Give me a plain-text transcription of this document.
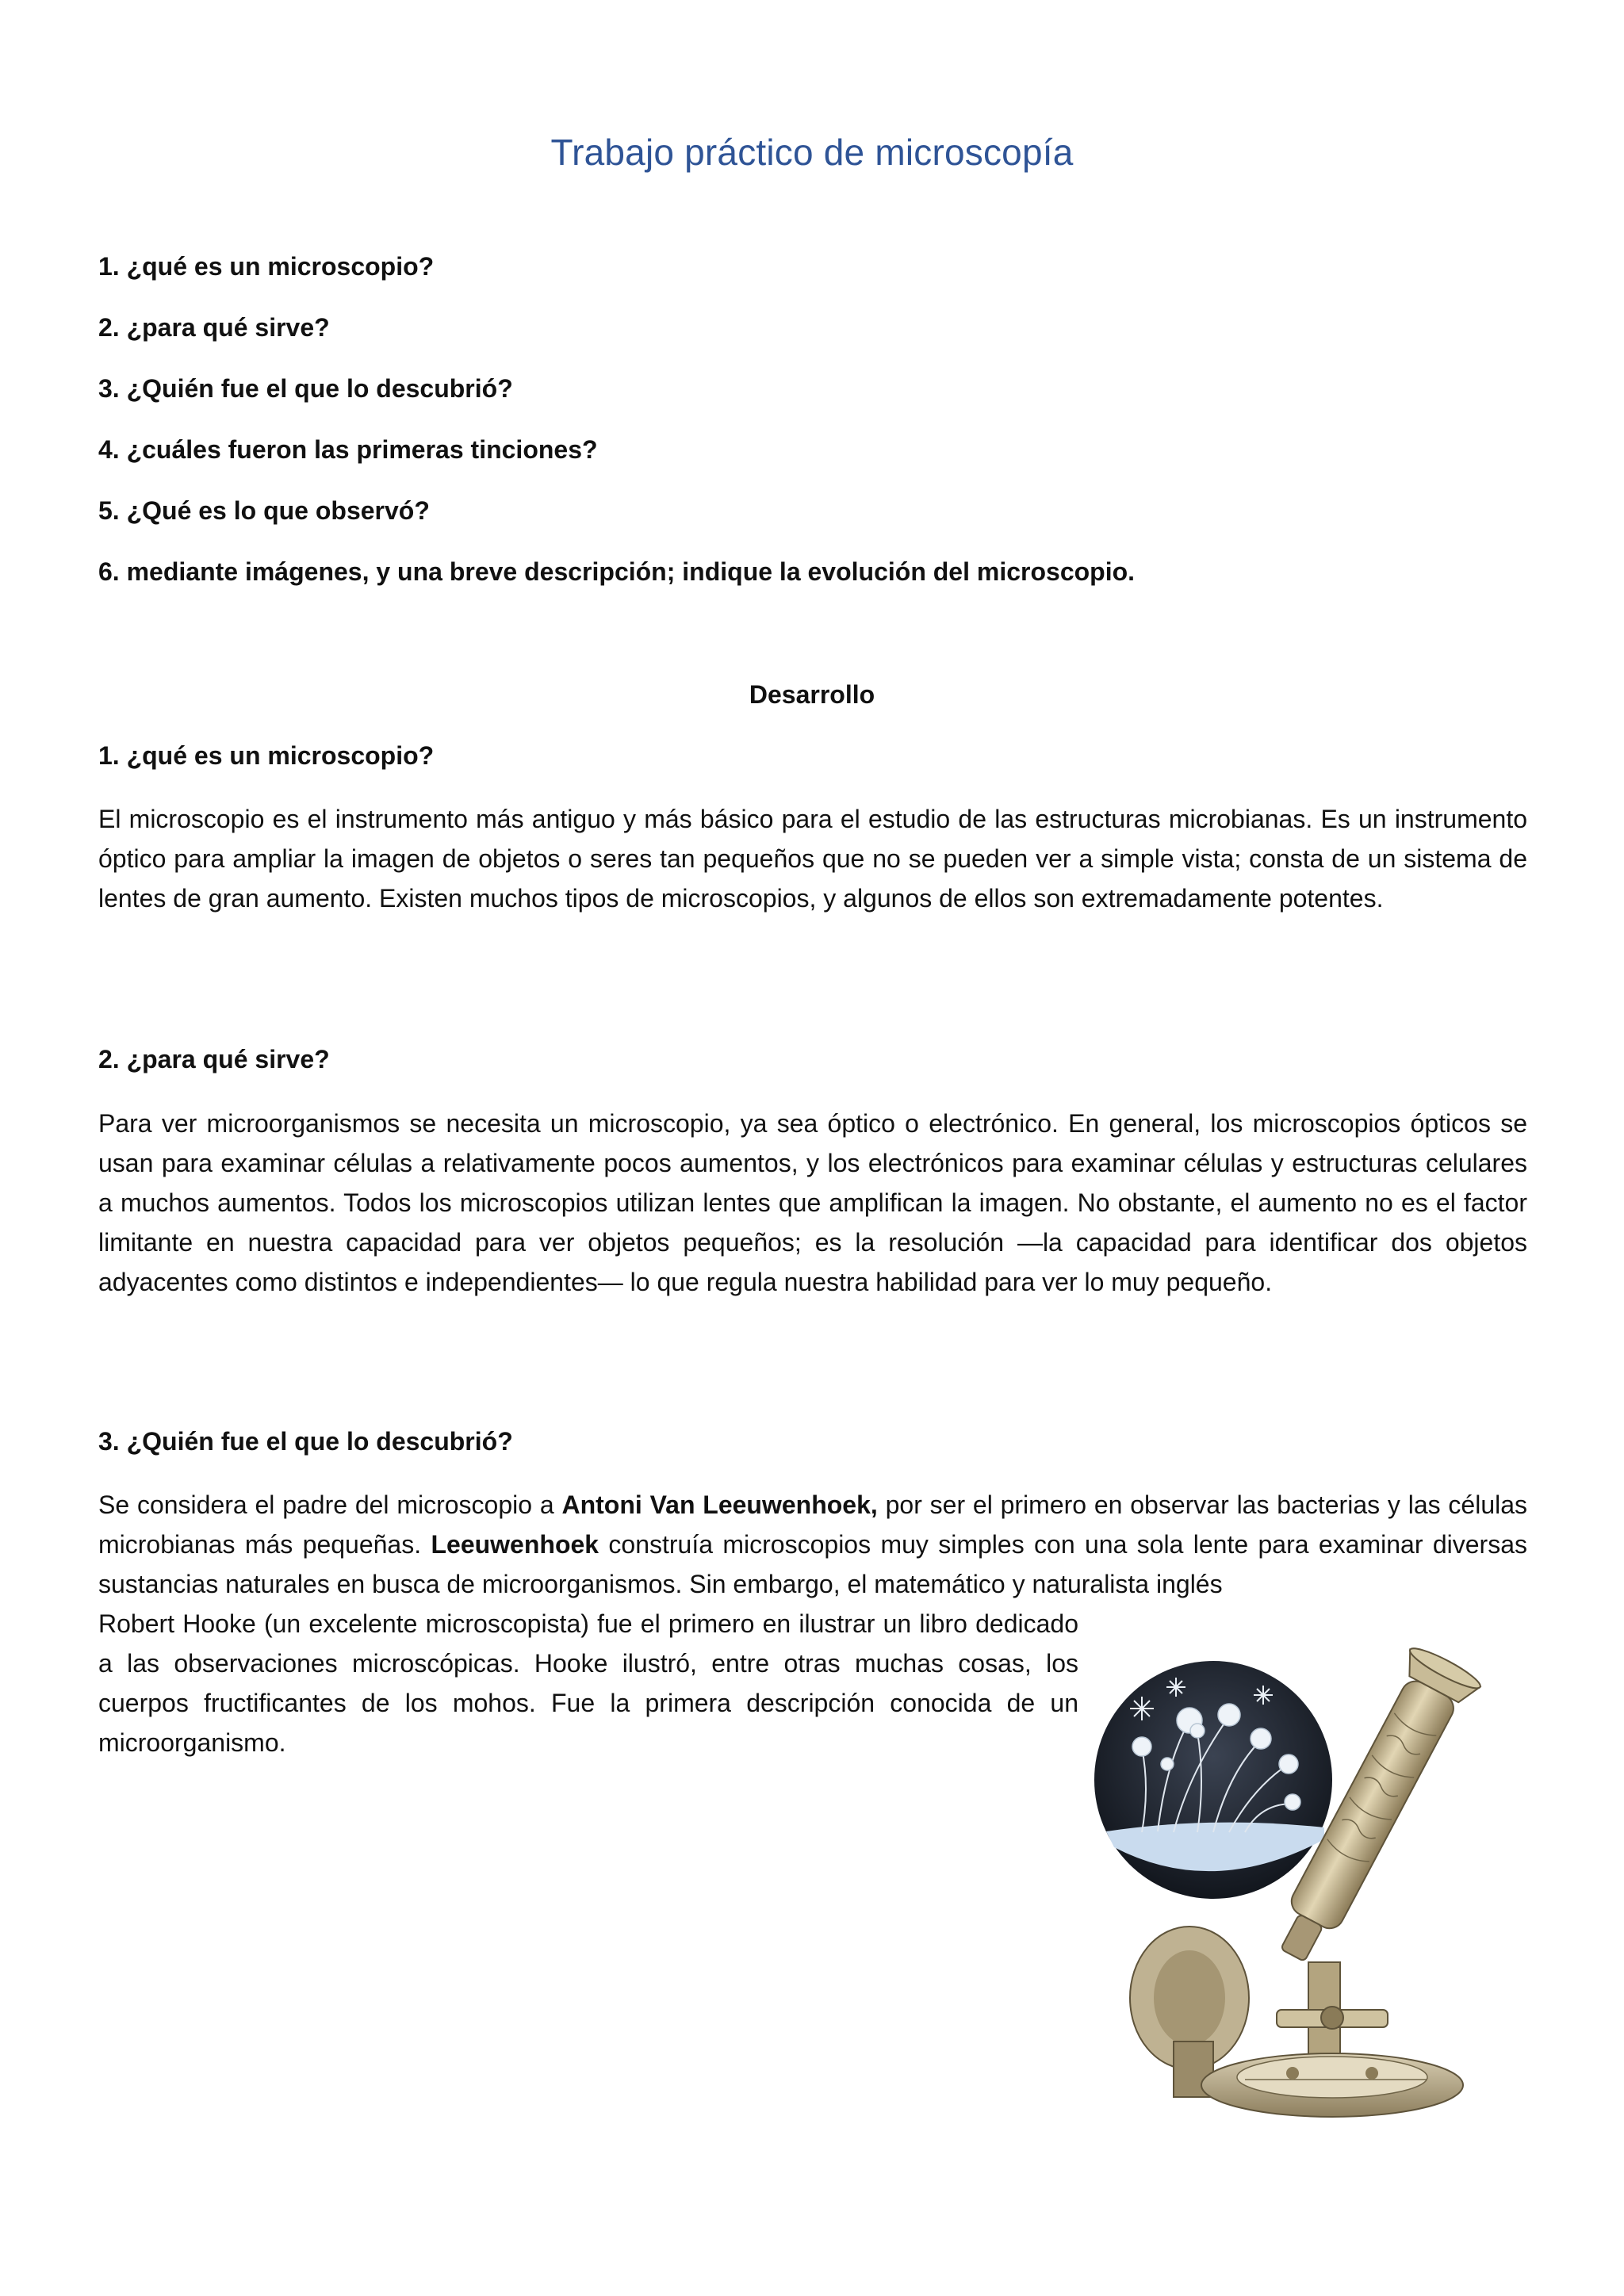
Trabajo práctico de microscopía
1. ¿qué es un microscopio?
2. ¿para qué sirve?
3. ¿Quién fue el que lo descubrió?
4. ¿cuáles fueron las primeras tinciones?
5. ¿Qué es lo que observó?
6. mediante imágenes, y una breve descripción; indique la evolución del microscopio.
Desarrollo
1. ¿qué es un microscopio?
El microscopio es el instrumento más antiguo y más básico para el estudio de las estructuras microbianas. Es un instrumento óptico para ampliar la imagen de objetos o seres tan pequeños que no se pueden ver a simple vista; consta de un sistema de lentes de gran aumento. Existen muchos tipos de microscopios, y algunos de ellos son extremadamente potentes.
2. ¿para qué sirve?
Para ver microorganismos se necesita un microscopio, ya sea óptico o electrónico. En general, los microscopios ópticos se usan para examinar células a relativamente pocos aumentos, y los electrónicos para examinar células y estructuras celulares a muchos aumentos. Todos los microscopios utilizan lentes que amplifican la imagen. No obstante, el aumento no es el factor limitante en nuestra capacidad para ver objetos pequeños; es la resolución —la capacidad para identificar dos objetos adyacentes como distintos e independientes— lo que regula nuestra habilidad para ver lo muy pequeño.
3. ¿Quién fue el que lo descubrió?
Se considera el padre del microscopio a Antoni Van Leeuwenhoek, por ser el primero en observar las bacterias y las células microbianas más pequeñas. Leeuwenhoek construía microscopios muy simples con una sola lente para examinar diversas sustancias naturales en busca de microorganismos. Sin embargo, el matemático y naturalista inglés
Robert Hooke (un excelente microscopista) fue el primero en ilustrar un libro dedicado a las observaciones microscópicas. Hooke ilustró, entre otras muchas cosas, los cuerpos fructificantes de los mohos. Fue la primera descripción conocida de un microorganismo.
